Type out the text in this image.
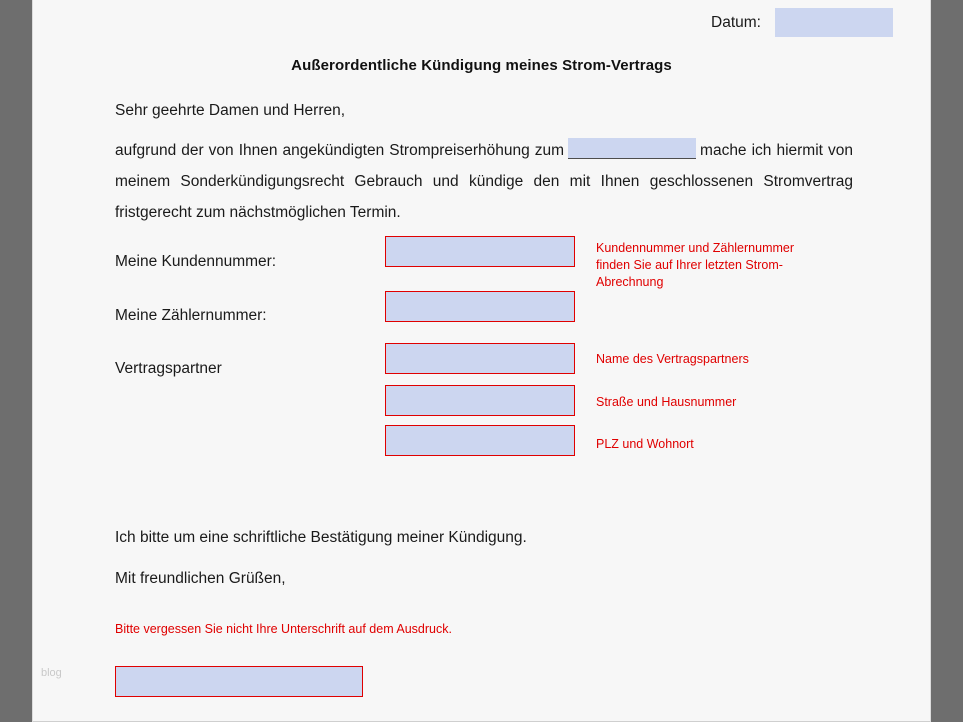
Datum:
Außerordentliche Kündigung meines Strom-Vertrags
Sehr geehrte Damen und Herren,
aufgrund der von Ihnen angekündigten Strompreiserhöhung zum	mache ich hiermit von meinem Sonderkündigungsrecht Gebrauch und kündige den mit Ihnen geschlossenen Stromvertrag fristgerecht zum nächstmöglichen Termin.
Meine Kundennummer:
Meine Zählernummer:
Vertragspartner
Kundennummer und Zählernummer finden Sie auf Ihrer letzten Strom-Abrechnung
Name des Vertragspartners
Straße und Hausnummer
PLZ und Wohnort
Ich bitte um eine schriftliche Bestätigung meiner Kündigung.
Mit freundlichen Grüßen,
Bitte vergessen Sie nicht Ihre Unterschrift auf dem Ausdruck.
blog
